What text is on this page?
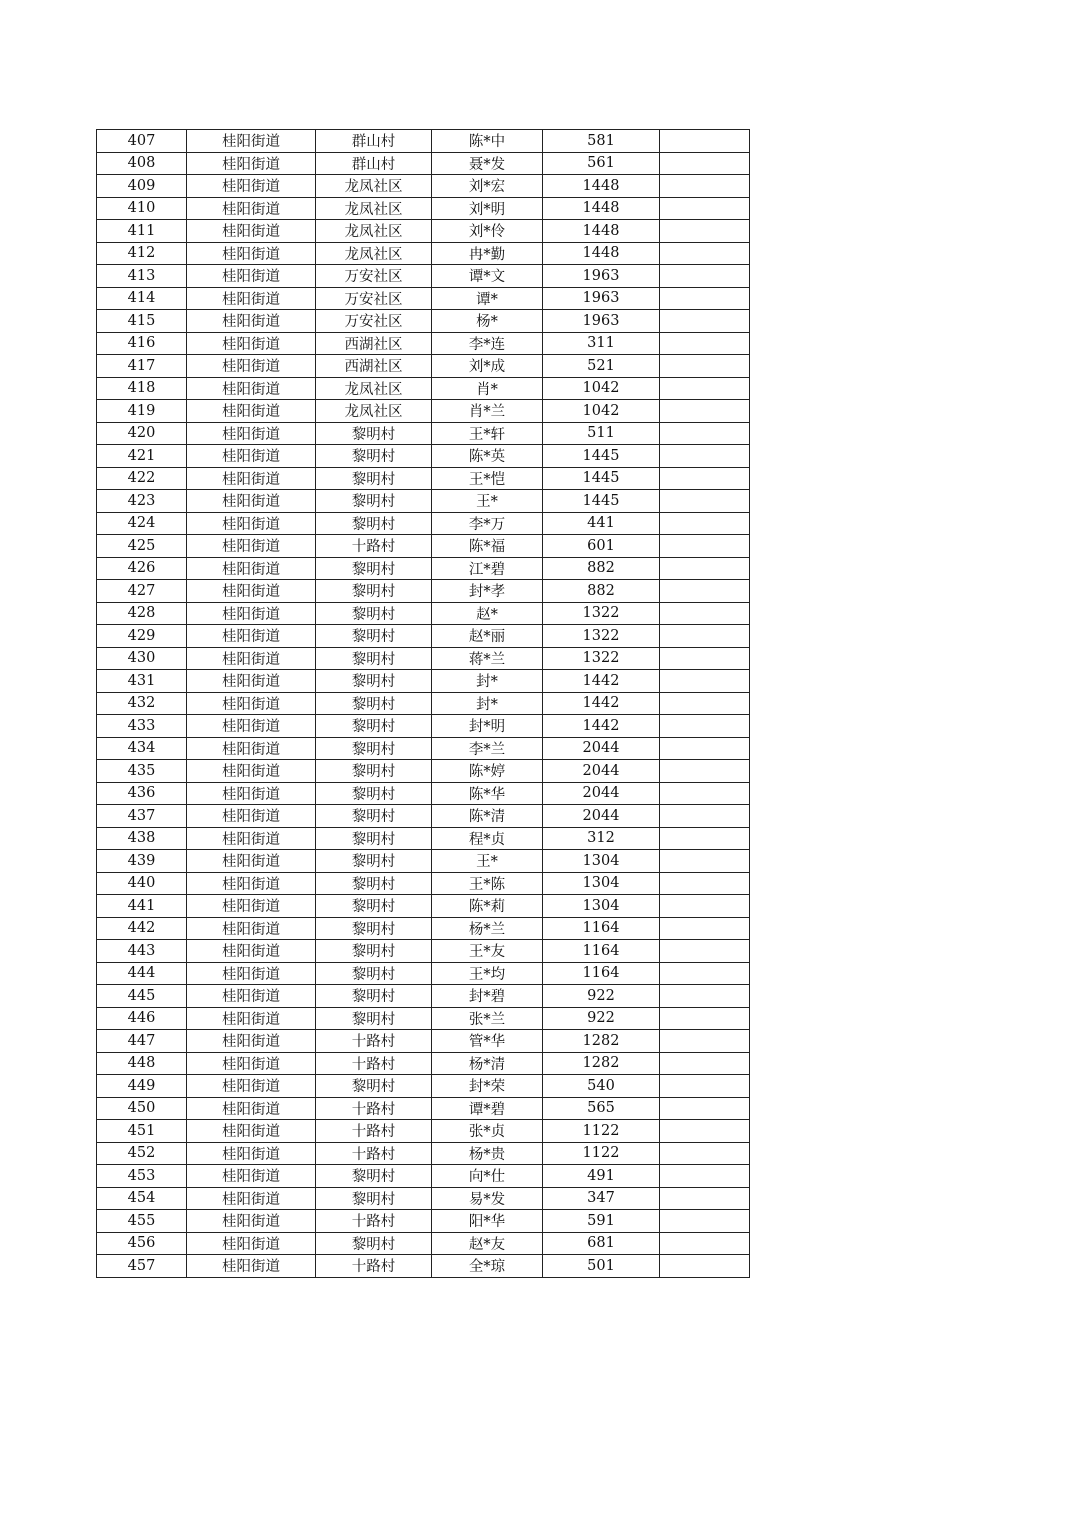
407	桂阳街道	群山村	陈*中	581	
408	桂阳街道	群山村	聂*发	561	
409	桂阳街道	龙凤社区	刘*宏	1448	
410	桂阳街道	龙凤社区	刘*明	1448	
411	桂阳街道	龙凤社区	刘*伶	1448	
412	桂阳街道	龙凤社区	冉*勤	1448	
413	桂阳街道	万安社区	谭*文	1963	
414	桂阳街道	万安社区	谭*	1963	
415	桂阳街道	万安社区	杨*	1963	
416	桂阳街道	西湖社区	李*连	311	
417	桂阳街道	西湖社区	刘*成	521	
418	桂阳街道	龙凤社区	肖*	1042	
419	桂阳街道	龙凤社区	肖*兰	1042	
420	桂阳街道	黎明村	王*轩	511	
421	桂阳街道	黎明村	陈*英	1445	
422	桂阳街道	黎明村	王*恺	1445	
423	桂阳街道	黎明村	王*	1445	
424	桂阳街道	黎明村	李*万	441	
425	桂阳街道	十路村	陈*福	601	
426	桂阳街道	黎明村	江*碧	882	
427	桂阳街道	黎明村	封*孝	882	
428	桂阳街道	黎明村	赵*	1322	
429	桂阳街道	黎明村	赵*丽	1322	
430	桂阳街道	黎明村	蒋*兰	1322	
431	桂阳街道	黎明村	封*	1442	
432	桂阳街道	黎明村	封*	1442	
433	桂阳街道	黎明村	封*明	1442	
434	桂阳街道	黎明村	李*兰	2044	
435	桂阳街道	黎明村	陈*婷	2044	
436	桂阳街道	黎明村	陈*华	2044	
437	桂阳街道	黎明村	陈*清	2044	
438	桂阳街道	黎明村	程*贞	312	
439	桂阳街道	黎明村	王*	1304	
440	桂阳街道	黎明村	王*陈	1304	
441	桂阳街道	黎明村	陈*莉	1304	
442	桂阳街道	黎明村	杨*兰	1164	
443	桂阳街道	黎明村	王*友	1164	
444	桂阳街道	黎明村	王*均	1164	
445	桂阳街道	黎明村	封*碧	922	
446	桂阳街道	黎明村	张*兰	922	
447	桂阳街道	十路村	管*华	1282	
448	桂阳街道	十路村	杨*清	1282	
449	桂阳街道	黎明村	封*荣	540	
450	桂阳街道	十路村	谭*碧	565	
451	桂阳街道	十路村	张*贞	1122	
452	桂阳街道	十路村	杨*贵	1122	
453	桂阳街道	黎明村	向*仕	491	
454	桂阳街道	黎明村	易*发	347	
455	桂阳街道	十路村	阳*华	591	
456	桂阳街道	黎明村	赵*友	681	
457	桂阳街道	十路村	全*琼	501	
